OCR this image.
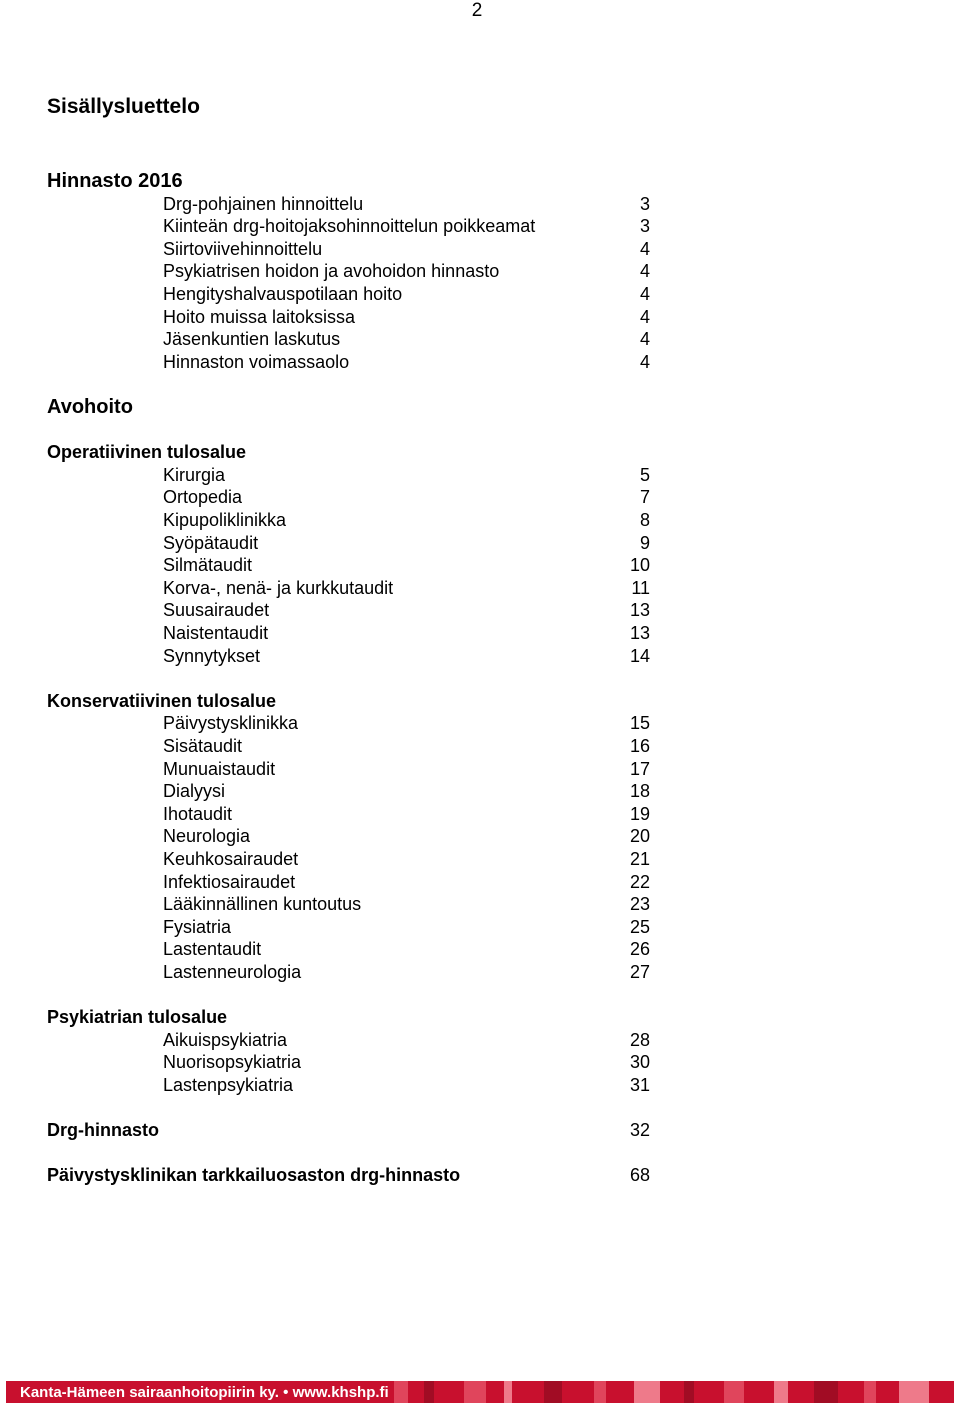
2
Sisällysluettelo
Hinnasto 2016
Drg-pohjainen hinnoittelu	3
Kiinteän drg-hoitojaksohinnoittelun poikkeamat	3
Siirtoviivehinnoittelu	4
Psykiatrisen hoidon ja avohoidon hinnasto	4
Hengityshalvauspotilaan hoito	4
Hoito muissa laitoksissa	4
Jäsenkuntien laskutus	4
Hinnaston voimassaolo	4
Avohoito
Operatiivinen tulosalue
Kirurgia	5
Ortopedia	7
Kipupoliklinikka	8
Syöpätaudit	9
Silmätaudit	10
Korva-, nenä- ja kurkkutaudit	11
Suusairaudet	13
Naistentaudit	13
Synnytykset	14
Konservatiivinen tulosalue
Päivystysklinikka	15
Sisätaudit	16
Munuaistaudit	17
Dialyysi	18
Ihotaudit	19
Neurologia	20
Keuhkosairaudet	21
Infektiosairaudet	22
Lääkinnällinen kuntoutus	23
Fysiatria	25
Lastentaudit	26
Lastenneurologia	27
Psykiatrian tulosalue
Aikuispsykiatria	28
Nuorisopsykiatria	30
Lastenpsykiatria	31
Drg-hinnasto	32
Päivystysklinikan tarkkailuosaston drg-hinnasto	68
Kanta-Hämeen sairaanhoitopiirin ky. • www.khshp.fi
